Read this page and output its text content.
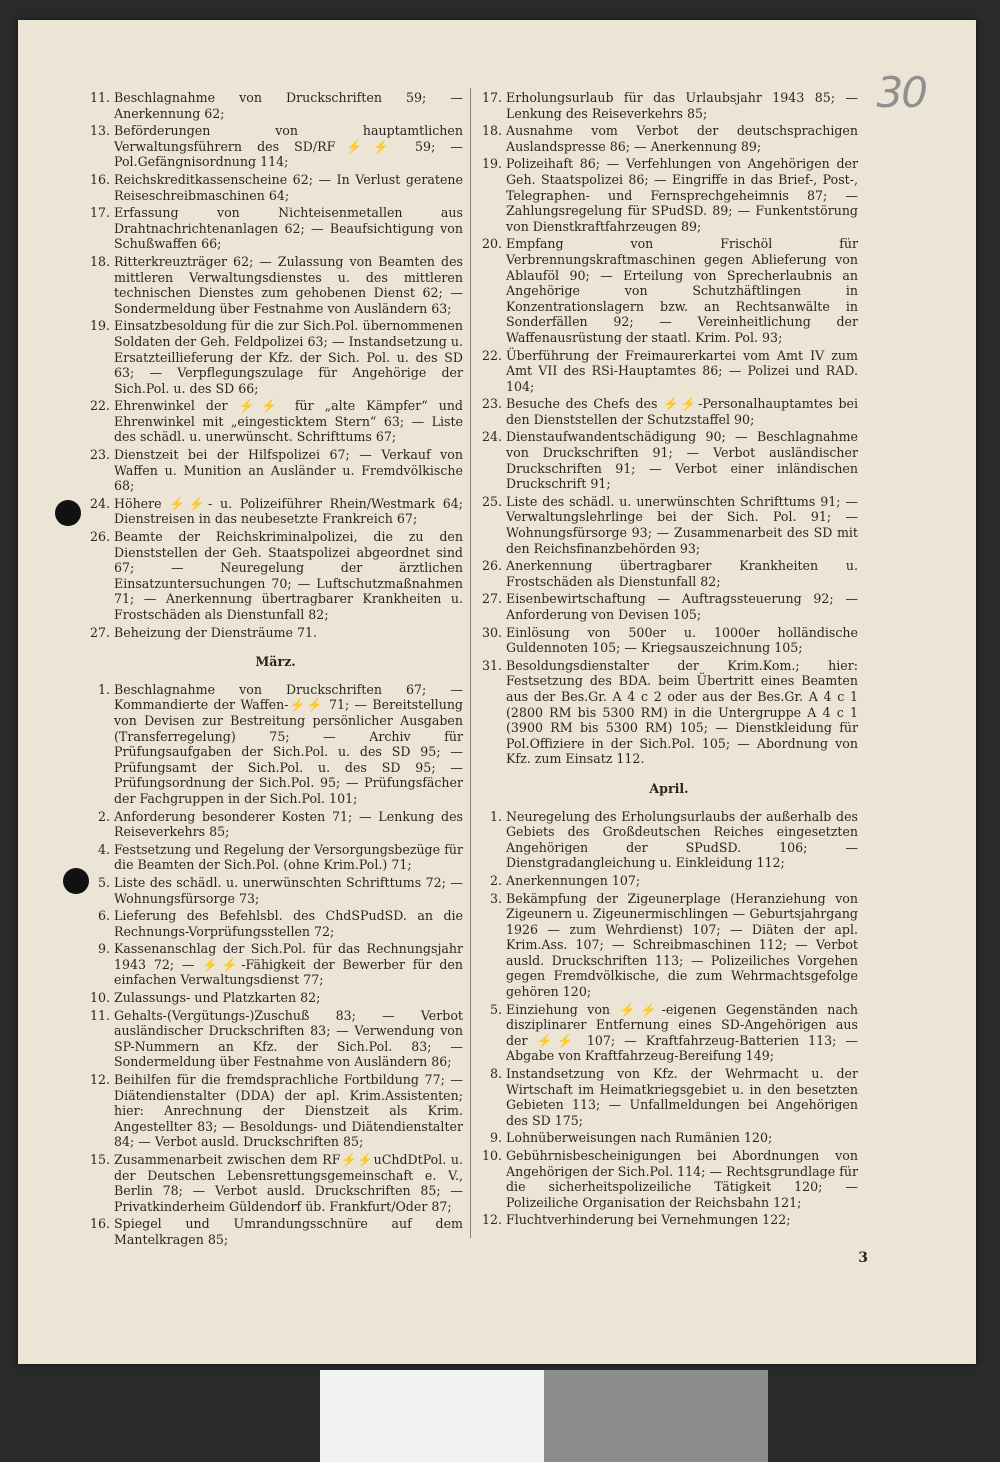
30
11. Beschlagnahme von Druckschriften 59; — Anerkennung 62;
13. Beförderungen von hauptamtlichen Verwaltungsführern des SD/RF⚡⚡ 59; — Pol.Gefängnisordnung 114;
16. Reichskreditkassenscheine 62; — In Verlust geratene Reiseschreibmaschinen 64;
17. Erfassung von Nichteisenmetallen aus Drahtnachrichtenanlagen 62; — Beaufsichtigung von Schußwaffen 66;
18. Ritterkreuzträger 62; — Zulassung von Beamten des mittleren Verwaltungsdienstes u. des mittleren technischen Dienstes zum gehobenen Dienst 62; — Sondermeldung über Festnahme von Ausländern 63;
19. Einsatzbesoldung für die zur Sich.Pol. übernommenen Soldaten der Geh. Feldpolizei 63; — Instandsetzung u. Ersatzteillieferung der Kfz. der Sich. Pol. u. des SD 63; — Verpflegungszulage für Angehörige der Sich.Pol. u. des SD 66;
22. Ehrenwinkel der ⚡⚡ für „alte Kämpfer“ und Ehrenwinkel mit „eingesticktem Stern“ 63; — Liste des schädl. u. unerwünscht. Schrifttums 67;
23. Dienstzeit bei der Hilfspolizei 67; — Verkauf von Waffen u. Munition an Ausländer u. Fremdvölkische 68;
24. Höhere ⚡⚡- u. Polizeiführer Rhein/Westmark 64; Dienstreisen in das neubesetzte Frankreich 67;
26. Beamte der Reichskriminalpolizei, die zu den Dienststellen der Geh. Staatspolizei abgeordnet sind 67; — Neuregelung der ärztlichen Einsatzuntersuchungen 70; — Luftschutzmaßnahmen 71; — Anerkennung übertragbarer Krankheiten u. Frostschäden als Dienstunfall 82;
27. Beheizung der Diensträume 71.
März.
1. Beschlagnahme von Druckschriften 67; — Kommandierte der Waffen-⚡⚡ 71; — Bereitstellung von Devisen zur Bestreitung persönlicher Ausgaben (Transferregelung) 75; — Archiv für Prüfungsaufgaben der Sich.Pol. u. des SD 95; — Prüfungsamt der Sich.Pol. u. des SD 95; — Prüfungsordnung der Sich.Pol. 95; — Prüfungsfächer der Fachgruppen in der Sich.Pol. 101;
2. Anforderung besonderer Kosten 71; — Lenkung des Reiseverkehrs 85;
4. Festsetzung und Regelung der Versorgungsbezüge für die Beamten der Sich.Pol. (ohne Krim.Pol.) 71;
5. Liste des schädl. u. unerwünschten Schrifttums 72; — Wohnungsfürsorge 73;
6. Lieferung des Befehlsbl. des ChdSPudSD. an die Rechnungs-Vorprüfungsstellen 72;
9. Kassenanschlag der Sich.Pol. für das Rechnungsjahr 1943 72; — ⚡⚡-Fähigkeit der Bewerber für den einfachen Verwaltungsdienst 77;
10. Zulassungs- und Platzkarten 82;
11. Gehalts-(Vergütungs-)Zuschuß 83; — Verbot ausländischer Druckschriften 83; — Verwendung von SP-Nummern an Kfz. der Sich.Pol. 83; — Sondermeldung über Festnahme von Ausländern 86;
12. Beihilfen für die fremdsprachliche Fortbildung 77; — Diätendienstalter (DDA) der apl. Krim.Assistenten; hier: Anrechnung der Dienstzeit als Krim. Angestellter 83; — Besoldungs- und Diätendienstalter 84; — Verbot ausld. Druckschriften 85;
15. Zusammenarbeit zwischen dem RF⚡⚡uChdDtPol. u. der Deutschen Lebensrettungsgemeinschaft e. V., Berlin 78; — Verbot ausld. Druckschriften 85; — Privatkinderheim Güldendorf üb. Frankfurt/Oder 87;
16. Spiegel und Umrandungsschnüre auf dem Mantelkragen 85;
17. Erholungsurlaub für das Urlaubsjahr 1943 85; — Lenkung des Reiseverkehrs 85;
18. Ausnahme vom Verbot der deutschsprachigen Auslandspresse 86; — Anerkennung 89;
19. Polizeihaft 86; — Verfehlungen von Angehörigen der Geh. Staatspolizei 86; — Eingriffe in das Brief-, Post-, Telegraphen- und Fernsprechgeheimnis 87; — Zahlungsregelung für SPudSD. 89; — Funkentstörung von Dienstkraftfahrzeugen 89;
20. Empfang von Frischöl für Verbrennungskraftmaschinen gegen Ablieferung von Ablauföl 90; — Erteilung von Sprecherlaubnis an Angehörige von Schutzhäftlingen in Konzentrationslagern bzw. an Rechtsanwälte in Sonderfällen 92; — Vereinheitlichung der Waffenausrüstung der staatl. Krim. Pol. 93;
22. Überführung der Freimaurerkartei vom Amt IV zum Amt VII des RSi-Hauptamtes 86; — Polizei und RAD. 104;
23. Besuche des Chefs des ⚡⚡-Personalhauptamtes bei den Dienststellen der Schutzstaffel 90;
24. Dienstaufwandentschädigung 90; — Beschlagnahme von Druckschriften 91; — Verbot ausländischer Druckschriften 91; — Verbot einer inländischen Druckschrift 91;
25. Liste des schädl. u. unerwünschten Schrifttums 91; — Verwaltungslehrlinge bei der Sich. Pol. 91; — Wohnungsfürsorge 93; — Zusammenarbeit des SD mit den Reichsfinanzbehörden 93;
26. Anerkennung übertragbarer Krankheiten u. Frostschäden als Dienstunfall 82;
27. Eisenbewirtschaftung — Auftragssteuerung 92; — Anforderung von Devisen 105;
30. Einlösung von 500er u. 1000er holländische Guldennoten 105; — Kriegsauszeichnung 105;
31. Besoldungsdienstalter der Krim.Kom.; hier: Festsetzung des BDA. beim Übertritt eines Beamten aus der Bes.Gr. A 4 c 2 oder aus der Bes.Gr. A 4 c 1 (2800 RM bis 5300 RM) in die Untergruppe A 4 c 1 (3900 RM bis 5300 RM) 105; — Dienstkleidung für Pol.Offiziere in der Sich.Pol. 105; — Abordnung von Kfz. zum Einsatz 112.
April.
1. Neuregelung des Erholungsurlaubs der außerhalb des Gebiets des Großdeutschen Reiches eingesetzten Angehörigen der SPudSD. 106; — Dienstgradangleichung u. Einkleidung 112;
2. Anerkennungen 107;
3. Bekämpfung der Zigeunerplage (Heranziehung von Zigeunern u. Zigeunermischlingen — Geburtsjahrgang 1926 — zum Wehrdienst) 107; — Diäten der apl. Krim.Ass. 107; — Schreibmaschinen 112; — Verbot ausld. Druckschriften 113; — Polizeiliches Vorgehen gegen Fremdvölkische, die zum Wehrmachtsgefolge gehören 120;
5. Einziehung von ⚡⚡-eigenen Gegenständen nach disziplinarer Entfernung eines SD-Angehörigen aus der ⚡⚡ 107; — Kraftfahrzeug-Batterien 113; — Abgabe von Kraftfahrzeug-Bereifung 149;
8. Instandsetzung von Kfz. der Wehrmacht u. der Wirtschaft im Heimatkriegsgebiet u. in den besetzten Gebieten 113; — Unfallmeldungen bei Angehörigen des SD 175;
9. Lohnüberweisungen nach Rumänien 120;
10. Gebührnisbescheinigungen bei Abordnungen von Angehörigen der Sich.Pol. 114; — Rechtsgrundlage für die sicherheitspolizeiliche Tätigkeit 120; — Polizeiliche Organisation der Reichsbahn 121;
12. Fluchtverhinderung bei Vernehmungen 122;
3
